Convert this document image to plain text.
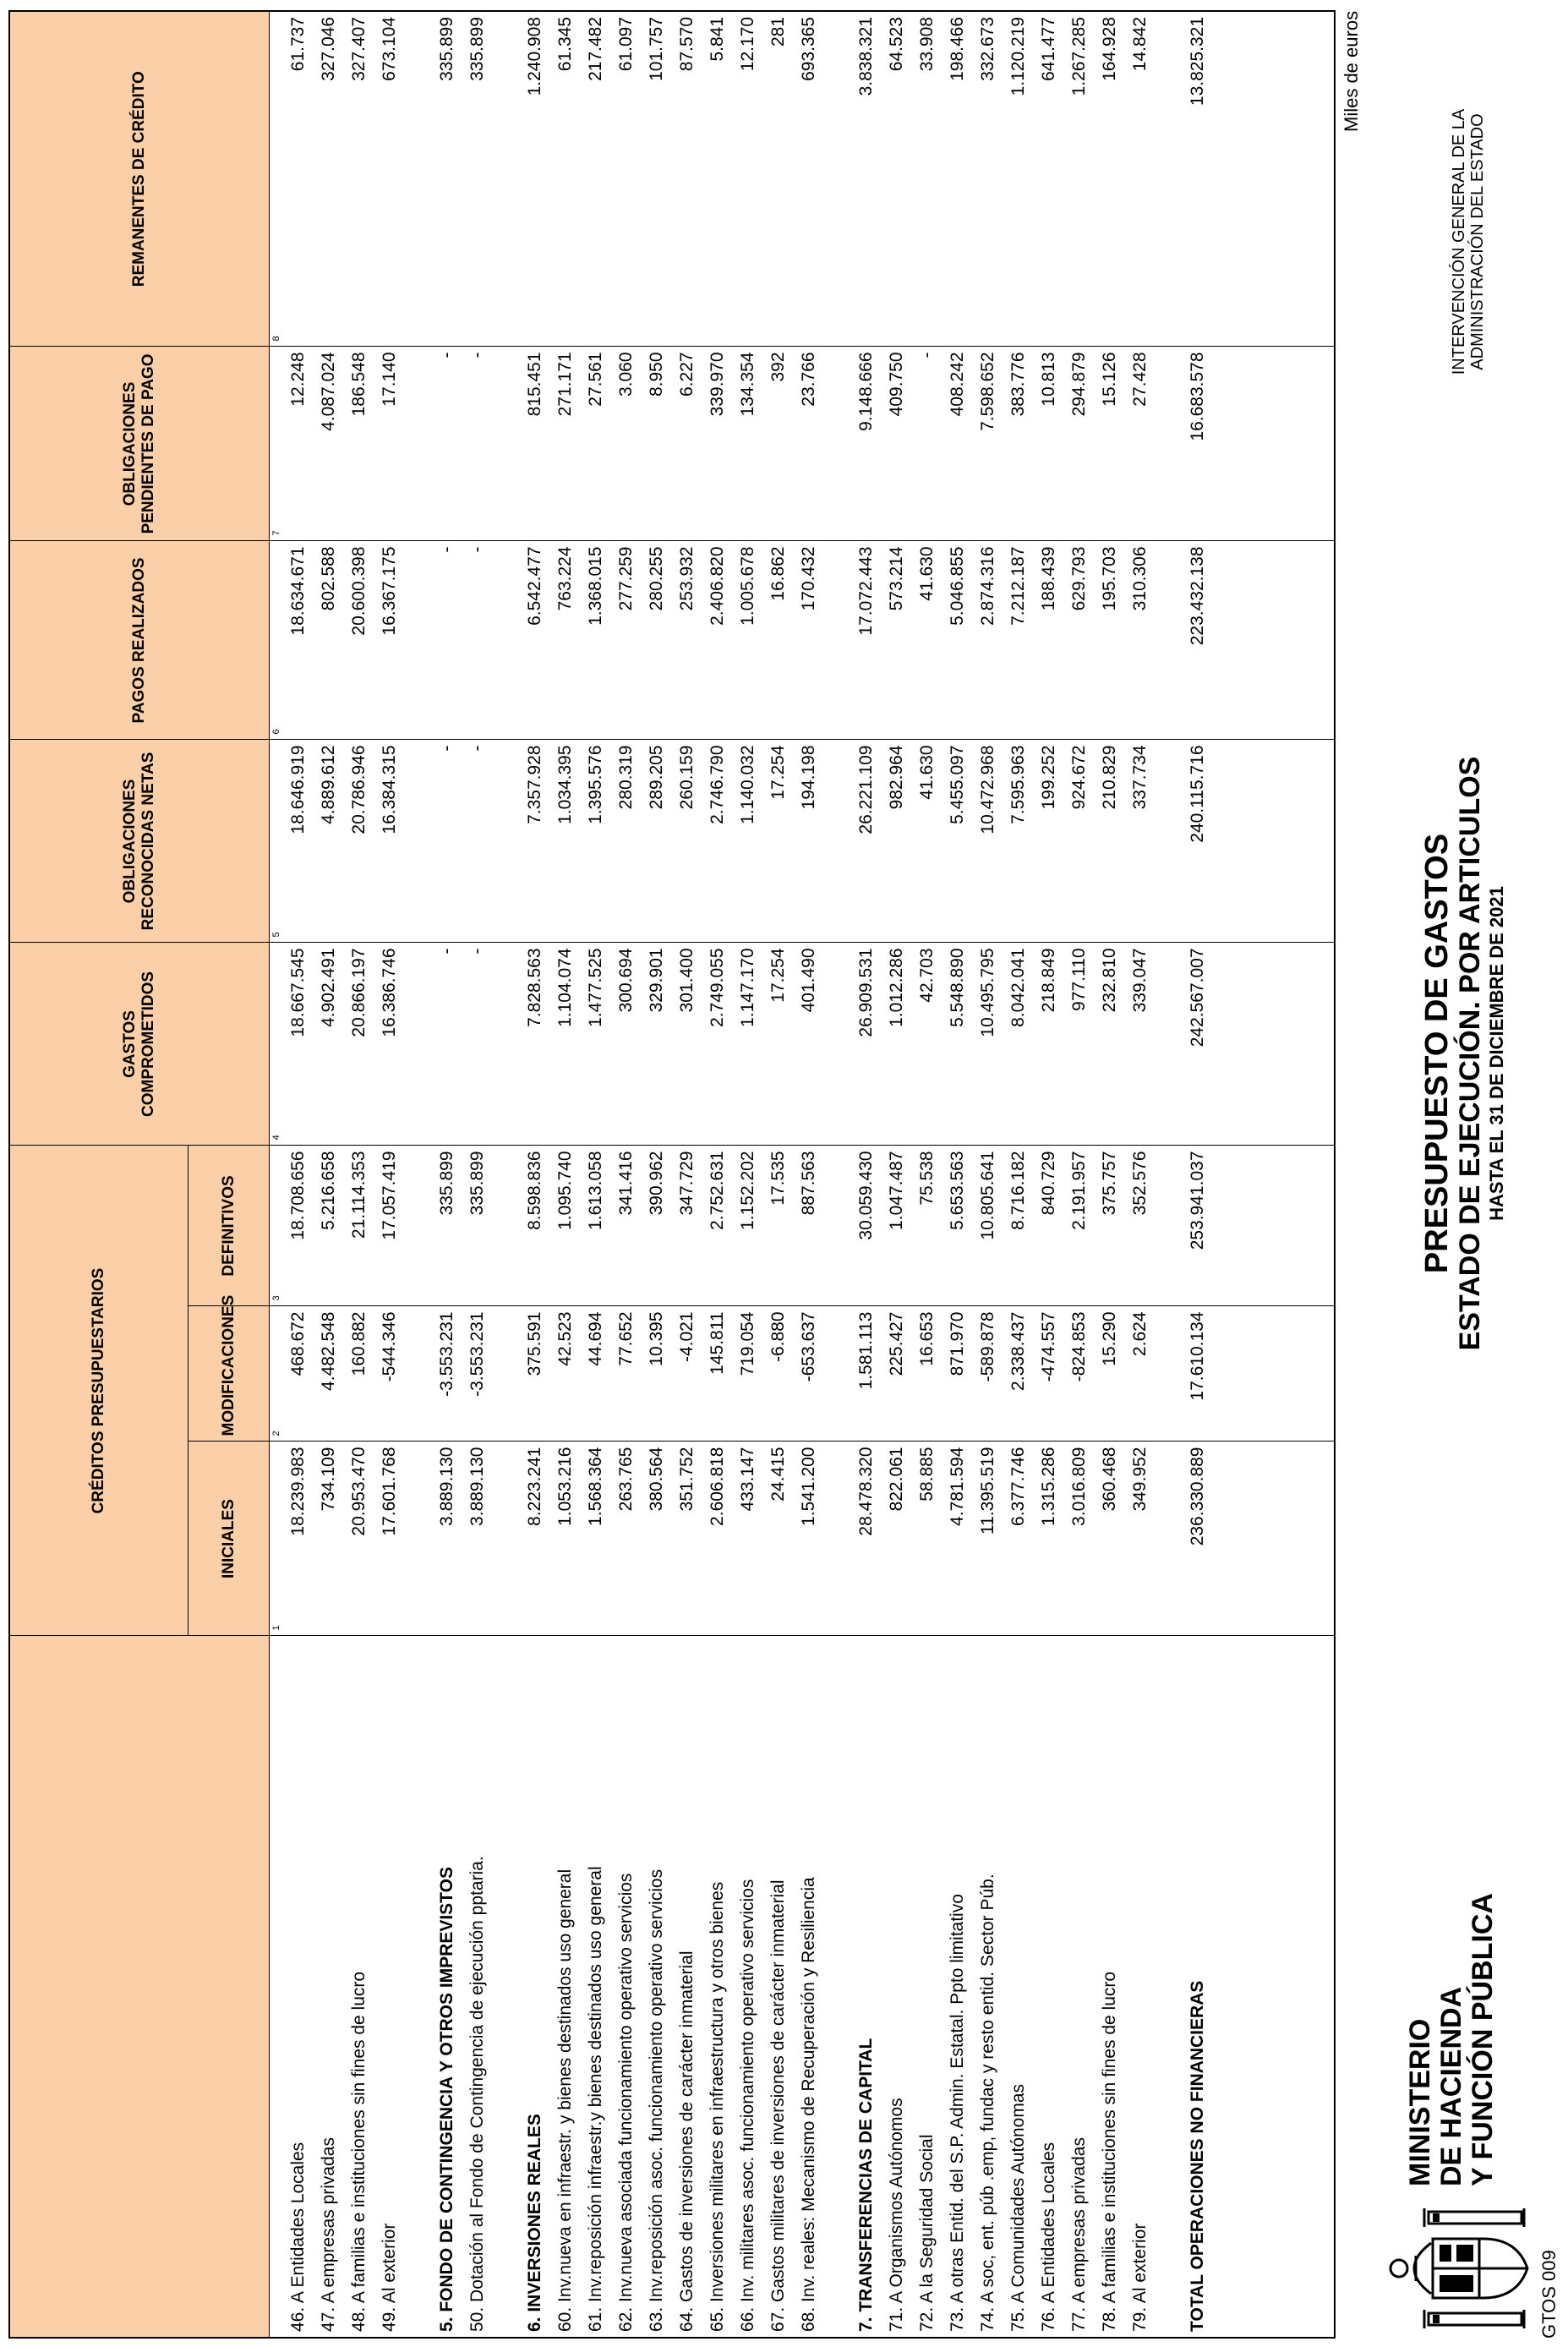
MINISTERIO DE HACIENDA Y FUNCIÓN PÚBLICA
PRESUPUESTO DE GASTOS ESTADO DE EJECUCIÓN. POR ARTICULOS HASTA EL 31 DE DICIEMBRE DE 2021
INTERVENCIÓN GENERAL DE LA ADMINISTRACIÓN DEL ESTADO
Miles de euros
	CRÉDITOS PRESUPUESTARIOS			GASTOS COMPROMETIDOS	OBLIGACIONES RECONOCIDAS NETAS	PAGOS REALIZADOS	OBLIGACIONES PENDIENTES DE PAGO	REMANENTES DE CRÉDITO
	INICIALES	MODIFICACIONES	DEFINITIVOS					
	1	2	3	4	5	6	7	8
46. A Entidades Locales	18.239.983	468.672	18.708.656	18.667.545	18.646.919	18.634.671	12.248	61.737
47. A empresas privadas	734.109	4.482.548	5.216.658	4.902.491	4.889.612	802.588	4.087.024	327.046
48. A familias e instituciones sin fines de lucro	20.953.470	160.882	21.114.353	20.866.197	20.786.946	20.600.398	186.548	327.407
49. Al exterior	17.601.768	-544.346	17.057.419	16.386.746	16.384.315	16.367.175	17.140	673.104

5. FONDO DE CONTINGENCIA Y OTROS IMPREVISTOS	3.889.130	-3.553.231	335.899	-	-	-	-	335.899
50. Dotación al Fondo de Contingencia de ejecución pptaria.	3.889.130	-3.553.231	335.899	-	-	-	-	335.899

6. INVERSIONES REALES	8.223.241	375.591	8.598.836	7.828.563	7.357.928	6.542.477	815.451	1.240.908
60. Inv.nueva en infraestr. y bienes destinados uso general	1.053.216	42.523	1.095.740	1.104.074	1.034.395	763.224	271.171	61.345
61. Inv.reposición infraestr.y bienes destinados uso general	1.568.364	44.694	1.613.058	1.477.525	1.395.576	1.368.015	27.561	217.482
62. Inv.nueva asociada funcionamiento operativo servicios	263.765	77.652	341.416	300.694	280.319	277.259	3.060	61.097
63. Inv.reposición asoc. funcionamiento operativo servicios	380.564	10.395	390.962	329.901	289.205	280.255	8.950	101.757
64. Gastos de inversiones de carácter inmaterial	351.752	-4.021	347.729	301.400	260.159	253.932	6.227	87.570
65. Inversiones militares en infraestructura y otros bienes	2.606.818	145.811	2.752.631	2.749.055	2.746.790	2.406.820	339.970	5.841
66. Inv. militares asoc. funcionamiento operativo servicios	433.147	719.054	1.152.202	1.147.170	1.140.032	1.005.678	134.354	12.170
67. Gastos militares de inversiones de carácter inmaterial	24.415	-6.880	17.535	17.254	17.254	16.862	392	281
68. Inv. reales: Mecanismo de Recuperación y Resiliencia	1.541.200	-653.637	887.563	401.490	194.198	170.432	23.766	693.365

7. TRANSFERENCIAS DE CAPITAL	28.478.320	1.581.113	30.059.430	26.909.531	26.221.109	17.072.443	9.148.666	3.838.321
71. A Organismos Autónomos	822.061	225.427	1.047.487	1.012.286	982.964	573.214	409.750	64.523
72. A la Seguridad Social	58.885	16.653	75.538	42.703	41.630	41.630	-	33.908
73. A otras Entid. del S.P. Admin. Estatal. Ppto limitativo	4.781.594	871.970	5.653.563	5.548.890	5.455.097	5.046.855	408.242	198.466
74. A soc, ent. púb .emp, fundac y resto entid. Sector Púb.	11.395.519	-589.878	10.805.641	10.495.795	10.472.968	2.874.316	7.598.652	332.673
75. A Comunidades Autónomas	6.377.746	2.338.437	8.716.182	8.042.041	7.595.963	7.212.187	383.776	1.120.219
76. A Entidades Locales	1.315.286	-474.557	840.729	218.849	199.252	188.439	10.813	641.477
77. A empresas privadas	3.016.809	-824.853	2.191.957	977.110	924.672	629.793	294.879	1.267.285
78. A familias e instituciones sin fines de lucro	360.468	15.290	375.757	232.810	210.829	195.703	15.126	164.928
79. Al exterior	349.952	2.624	352.576	339.047	337.734	310.306	27.428	14.842

TOTAL OPERACIONES NO FINANCIERAS	236.330.889	17.610.134	253.941.037	242.567.007	240.115.716	223.432.138	16.683.578	13.825.321

GTOS 009
